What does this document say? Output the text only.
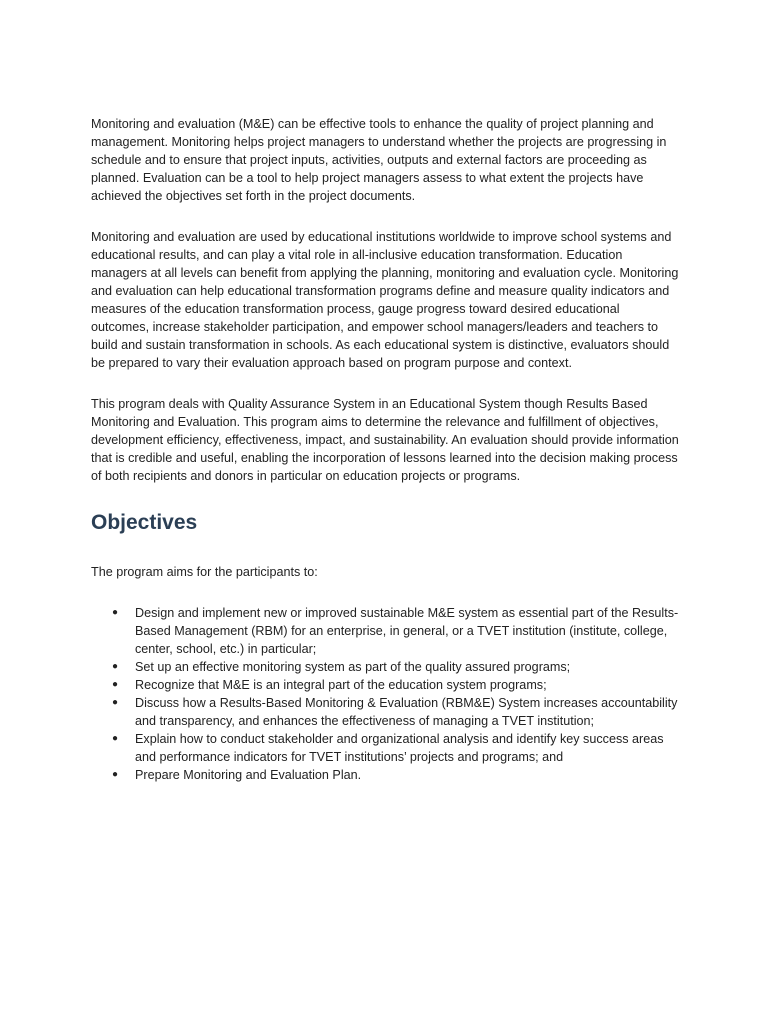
Monitoring and evaluation (M&E) can be effective tools to enhance the quality of project planning and management. Monitoring helps project managers to understand whether the projects are progressing in schedule and to ensure that project inputs, activities, outputs and external factors are proceeding as planned. Evaluation can be a tool to help project managers assess to what extent the projects have achieved the objectives set forth in the project documents.

Monitoring and evaluation are used by educational institutions worldwide to improve school systems and educational results, and can play a vital role in all-inclusive education transformation. Education managers at all levels can benefit from applying the planning, monitoring and evaluation cycle. Monitoring and evaluation can help educational transformation programs define and measure quality indicators and measures of the education transformation process, gauge progress toward desired educational outcomes, increase stakeholder participation, and empower school managers/leaders and teachers to build and sustain transformation in schools. As each educational system is distinctive, evaluators should be prepared to vary their evaluation approach based on program purpose and context.

This program deals with Quality Assurance System in an Educational System though Results Based Monitoring and Evaluation. This program aims to determine the relevance and fulfillment of objectives, development efficiency, effectiveness, impact, and sustainability. An evaluation should provide information that is credible and useful, enabling the incorporation of lessons learned into the decision making process of both recipients and donors in particular on education projects or programs.

Objectives

The program aims for the participants to:

● Design and implement new or improved sustainable M&E system as essential part of the Results-Based Management (RBM) for an enterprise, in general, or a TVET institution (institute, college, center, school, etc.) in particular;
● Set up an effective monitoring system as part of the quality assured programs;
● Recognize that M&E is an integral part of the education system programs;
● Discuss how a Results-Based Monitoring & Evaluation (RBM&E) System increases accountability and transparency, and enhances the effectiveness of managing a TVET institution;
● Explain how to conduct stakeholder and organizational analysis and identify key success areas and performance indicators for TVET institutions’ projects and programs; and
● Prepare Monitoring and Evaluation Plan.
